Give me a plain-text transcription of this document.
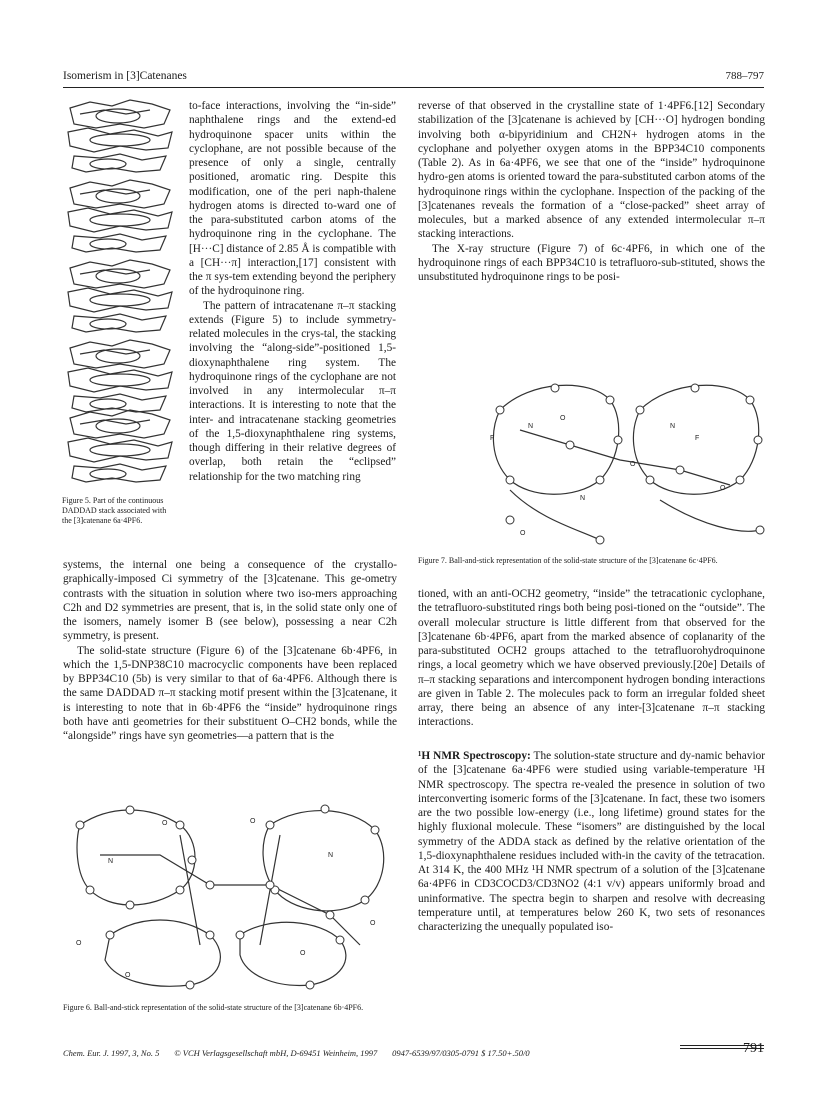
Isomerism in [3]Catenanes	788–797
Figure 5. Part of the continuous DADDAD stack associated with the [3]catenane 6a·4PF6.

to-face interactions, involving the “in-side” naphthalene rings and the extend-ed hydroquinone spacer units within the cyclophane, are not possible because of the presence of only a single, centrally positioned, aromatic ring. Despite this modification, one of the peri naph-thalene hydrogen atoms is directed to-ward one of the para-substituted carbon atoms of the hydroquinone ring in the cyclophane. The [H···C] distance of 2.85 Å is compatible with a [CH···π] interaction,[17] consistent with the π sys-tem extending beyond the periphery of the hydroquinone ring.

The pattern of intracatenane π–π stacking extends (Figure 5) to include symmetry-related molecules in the crys-tal, the stacking involving the “along-side”-positioned 1,5-dioxynaphthalene ring system. The hydroquinone rings of the cyclophane are not involved in any intermolecular π–π interactions. It is interesting to note that the inter- and intracatenane stacking geometries of the 1,5-dioxynaphthalene ring systems, though differing in their relative degrees of overlap, both retain the “eclipsed” relationship for the two matching ring

systems, the internal one being a consequence of the crystallo-graphically-imposed Ci symmetry of the [3]catenane. This ge-ometry contrasts with the situation in solution where two iso-mers approaching C2h and D2 symmetries are present, that is, in the solid state only one of the isomers, namely isomer B (see below), possessing a near C2h symmetry, is present.

The solid-state structure (Figure 6) of the [3]catenane 6b·4PF6, in which the 1,5-DNP38C10 macrocyclic components have been replaced by BPP34C10 (5b) is very similar to that of 6a·4PF6. Although there is the same DADDAD π–π stacking motif present within the [3]catenane, it is interesting to note that in 6b·4PF6 the “inside” hydroquinone rings both have anti geometries for their substituent O–CH2 bonds, while the “alongside” rings have syn geometries—a pattern that is the

O
N
N
O
O
O
O
O
Figure 6. Ball-and-stick representation of the solid-state structure of the [3]catenane 6b·4PF6.

reverse of that observed in the crystalline state of 1·4PF6.[12] Secondary stabilization of the [3]catenane is achieved by [CH···O] hydrogen bonding involving both α-bipyridinium and CH2N+ hydrogen atoms in the cyclophane and polyether oxygen atoms in the BPP34C10 components (Table 2). As in 6a·4PF6, we see that one of the “inside” hydroquinone hydro-gen atoms is oriented toward the para-substituted carbon atoms of the hydroquinone rings within the cyclophane. Inspection of the packing of the [3]catenanes reveals the formation of a “close-packed” sheet array of molecules, but a marked absence of any extended intermolecular π–π stacking interactions.

The X-ray structure (Figure 7) of 6c·4PF6, in which one of the hydroquinone rings of each BPP34C10 is tetrafluoro-sub-stituted, shows the unsubstituted hydroquinone rings to be posi-

F
N
O
N
F
O
N
O
O
Figure 7. Ball-and-stick representation of the solid-state structure of the [3]catenane 6c·4PF6.

tioned, with an anti-OCH2 geometry, “inside” the tetracationic cyclophane, the tetrafluoro-substituted rings both being posi-tioned on the “outside”. The overall molecular structure is little different from that observed for the [3]catenane 6b·4PF6, apart from the marked absence of coplanarity of the para-substituted OCH2 groups attached to the tetrafluorohydroquinone rings, a local geometry which we have observed previously.[20e] Details of π–π stacking separations and intercomponent hydrogen bonding interactions are given in Table 2. The molecules pack to form an irregular folded sheet array, there being an absence of any inter-[3]catenane π–π stacking interactions.

¹H NMR Spectroscopy: The solution-state structure and dy-namic behavior of the [3]catenane 6a·4PF6 were studied using variable-temperature ¹H NMR spectroscopy. The spectra re-vealed the presence in solution of two interconverting isomeric forms of the [3]catenane. In fact, these two isomers are the two possible low-energy (i.e., long lifetime) ground states for the highly fluxional molecule. These “isomers” are distinguished by the local symmetry of the ADDA stack as defined by the relative orientation of the 1,5-dioxynaphthalene residues included with-in the cavity of the tetracation. At 314 K, the 400 MHz ¹H NMR spectrum of a solution of the [3]catenane 6a·4PF6 in CD3COCD3/CD3NO2 (4:1 v/v) appears uniformly broad and uninformative. The spectra begin to sharpen and resolve with decreasing temperature until, at temperatures below 260 K, two sets of resonances characterizing the unequally populated iso-

Chem. Eur. J. 1997, 3, No. 5 © VCH Verlagsgesellschaft mbH, D-69451 Weinheim, 1997 0947-6539/97/0305-0791 $ 17.50+.50/0	791
